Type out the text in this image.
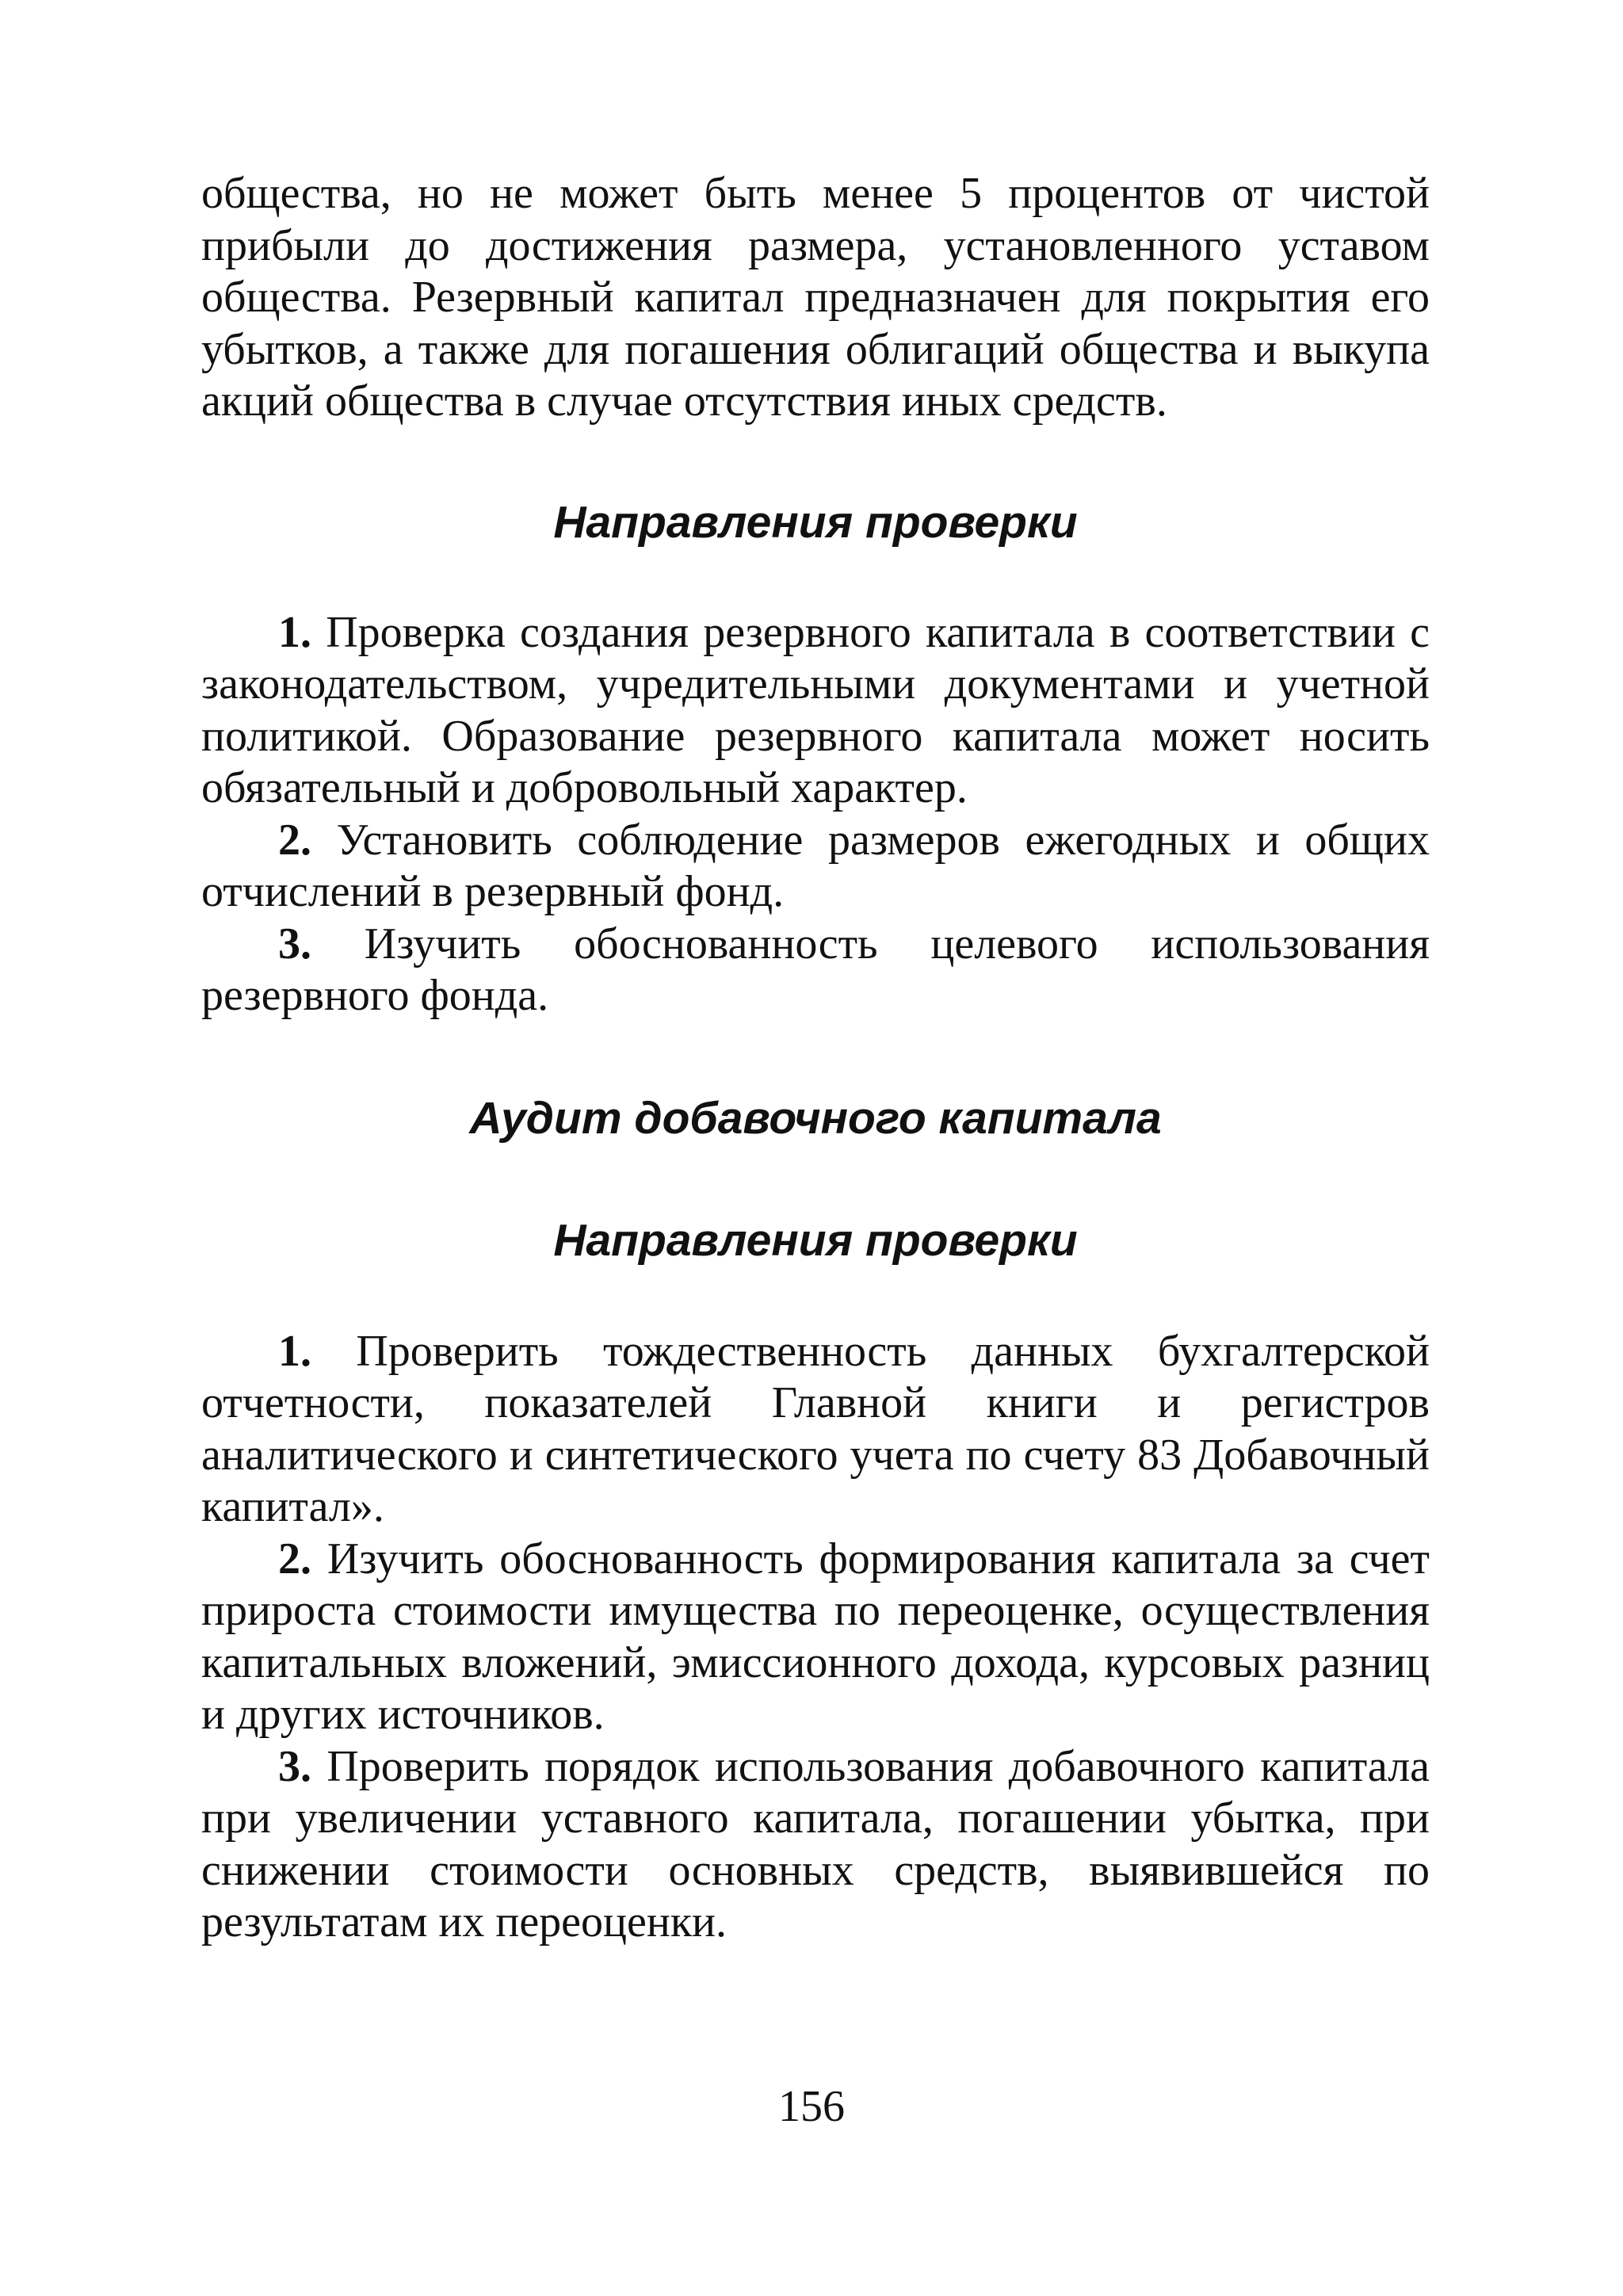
общества, но не может быть менее 5 процентов от чистой прибыли до достижения размера, установленного уставом общества. Резервный капитал предназначен для покрытия его убытков, а также для погашения облигаций общества и выкупа акций общества в случае отсутствия иных средств.

Направления проверки

1. Проверка создания резервного капитала в соответствии с законодательством, учредительными документами и учетной политикой. Образование резервного капитала может носить обязательный и добровольный характер.

2. Установить соблюдение размеров ежегодных и общих отчислений в резервный фонд.

3. Изучить обоснованность целевого использования резервного фонда.

Аудит добавочного капитала
Направления проверки

1. Проверить тождественность данных бухгалтерской отчетности, показателей Главной книги и регистров аналитического и синтетического учета по счету 83 Добавочный капитал».

2. Изучить обоснованность формирования капитала за счет прироста стоимости имущества по переоценке, осуществления капитальных вложений, эмиссионного дохода, курсовых разниц и других источников.

3. Проверить порядок использования добавочного капитала при увеличении уставного капитала, погашении убытка, при снижении стоимости основных средств, выявившейся по результатам их переоценки.

156
